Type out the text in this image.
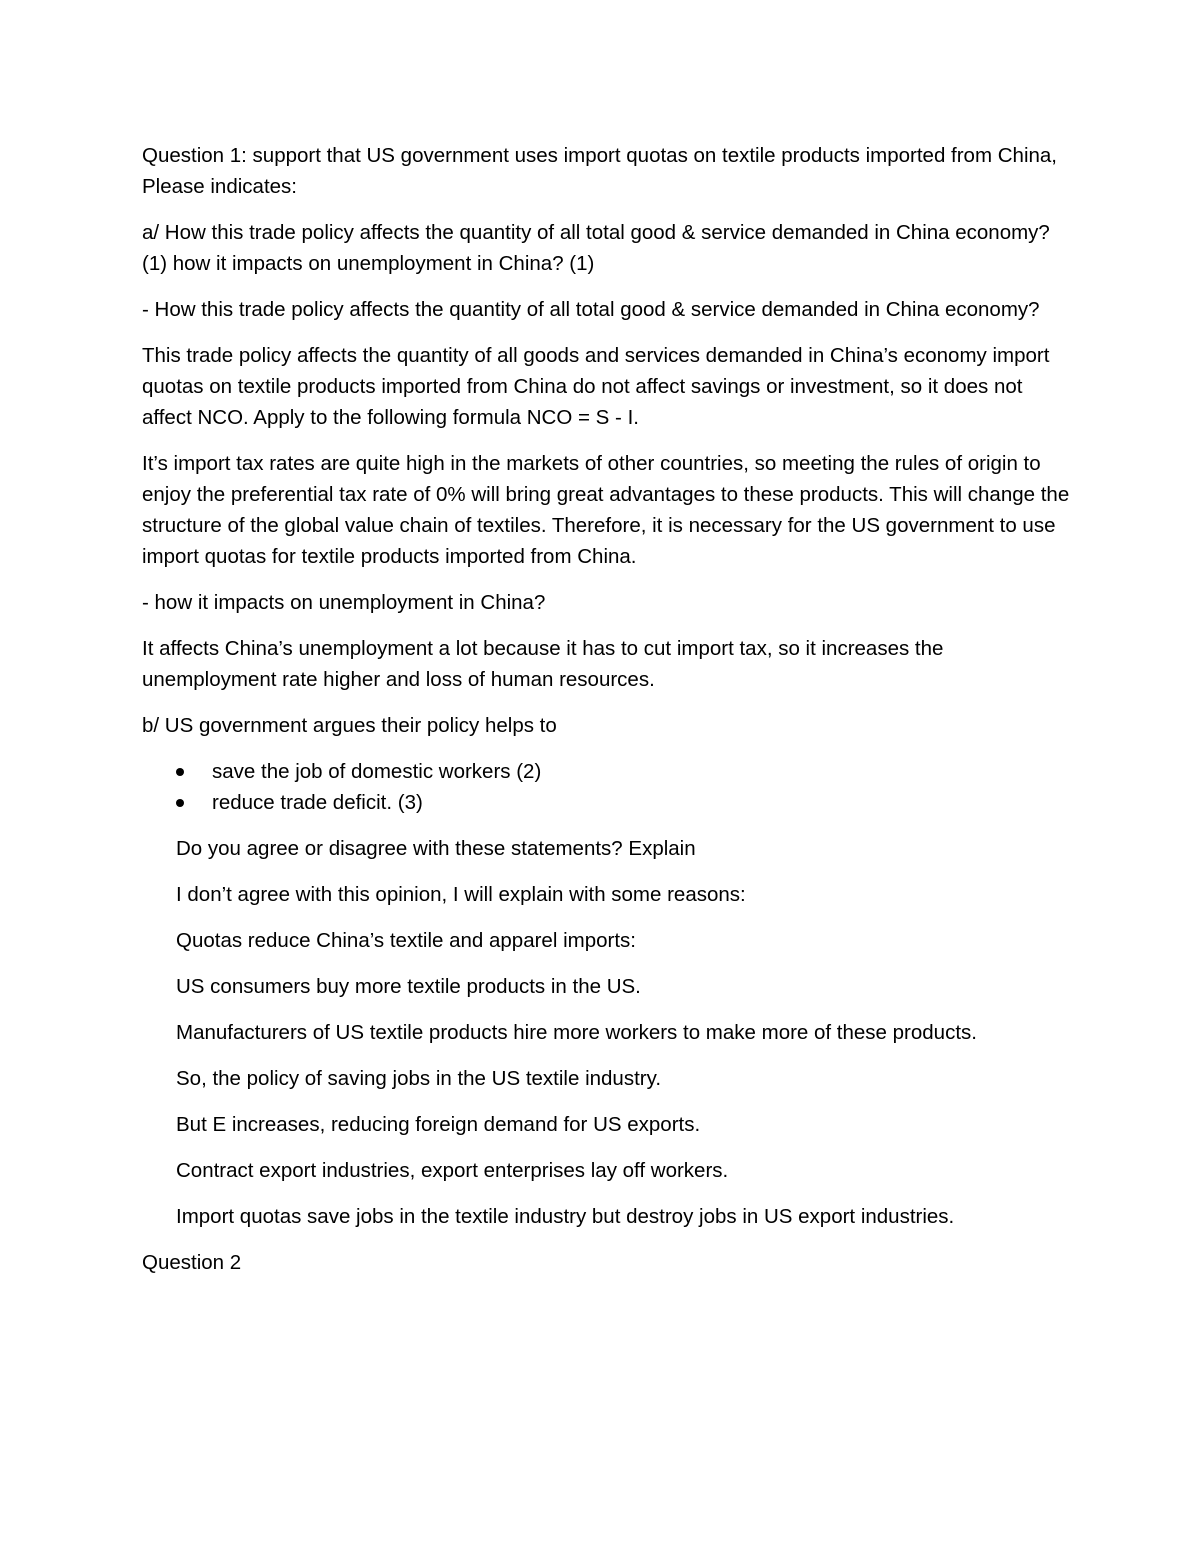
Question 1: support that US government uses import quotas on textile products imported from China, Please indicates:

a/ How this trade policy affects the quantity of all total good & service demanded in China economy? (1) how it impacts on unemployment in China? (1)

- How this trade policy affects the quantity of all total good & service demanded in China economy?

This trade policy affects the quantity of all goods and services demanded in China’s economy import quotas on textile products imported from China do not affect savings or investment, so it does not affect NCO. Apply to the following formula NCO = S - I.

It’s import tax rates are quite high in the markets of other countries, so meeting the rules of origin to enjoy the preferential tax rate of 0% will bring great advantages to these products. This will change the structure of the global value chain of textiles. Therefore, it is necessary for the US government to use import quotas for textile products imported from China.

- how it impacts on unemployment in China?

It affects China’s unemployment a lot because it has to cut import tax, so it increases the unemployment rate higher and loss of human resources.

b/ US government argues their policy helps to

save the job of domestic workers (2)
reduce trade deficit. (3)

Do you agree or disagree with these statements? Explain

I don’t agree with this opinion, I will explain with some reasons:

Quotas reduce China’s textile and apparel imports:

US consumers buy more textile products in the US.

Manufacturers of US textile products hire more workers to make more of these products.

So, the policy of saving jobs in the US textile industry.

But E increases, reducing foreign demand for US exports.

Contract export industries, export enterprises lay off workers.

Import quotas save jobs in the textile industry but destroy jobs in US export industries.

Question 2
